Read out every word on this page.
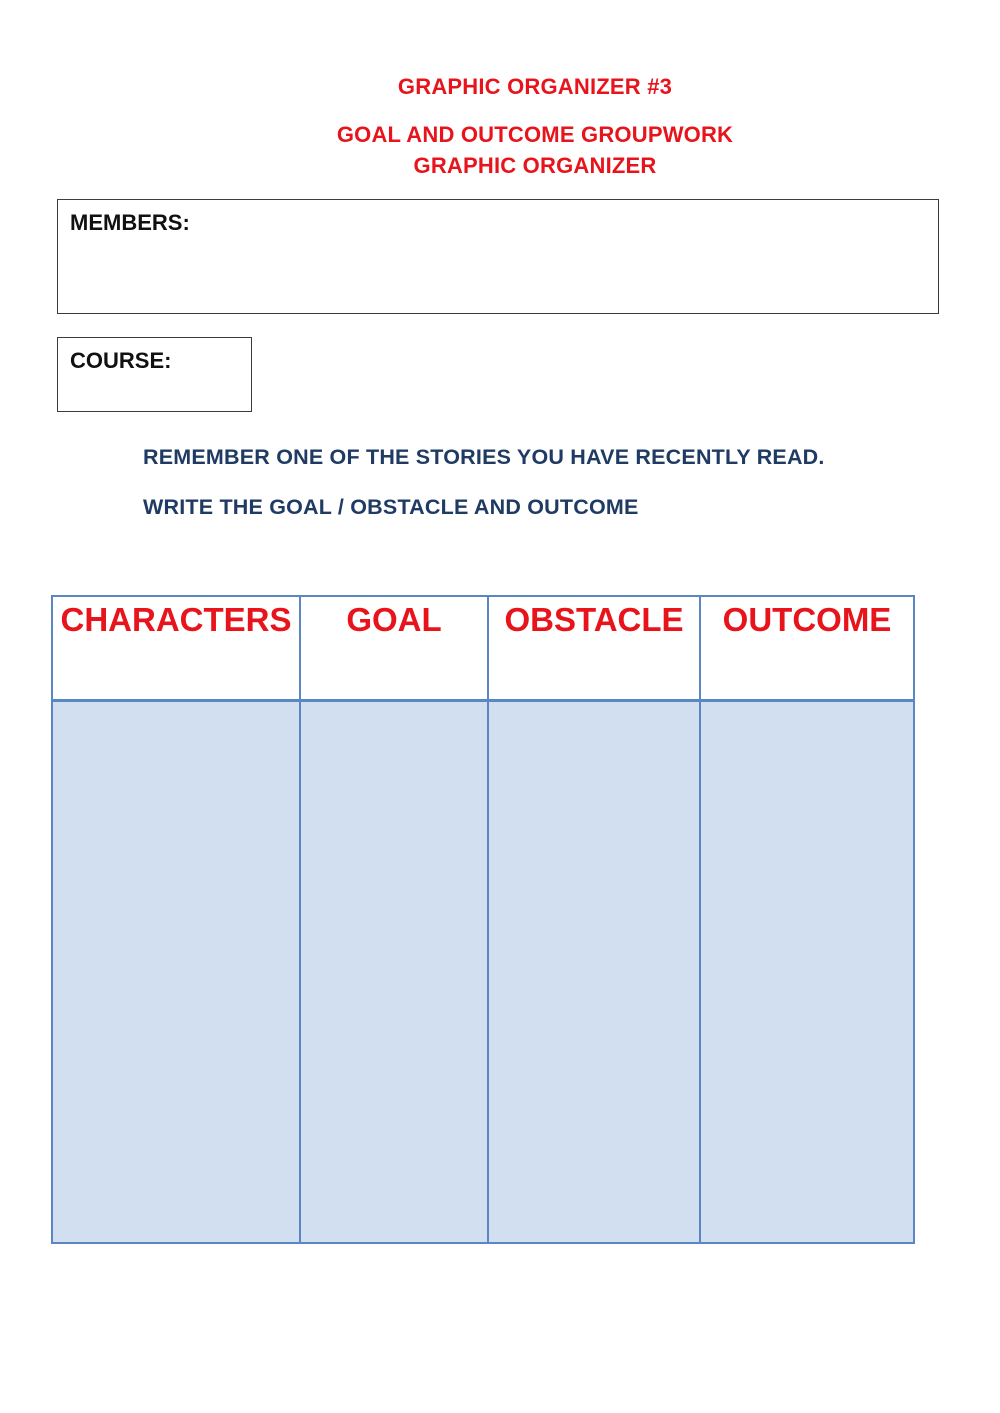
GRAPHIC ORGANIZER #3
GOAL AND OUTCOME GROUPWORK
GRAPHIC ORGANIZER
MEMBERS:
COURSE:
REMEMBER ONE OF THE STORIES YOU HAVE RECENTLY READ.
WRITE THE GOAL / OBSTACLE AND OUTCOME
CHARACTERS	GOAL	OBSTACLE	OUTCOME
